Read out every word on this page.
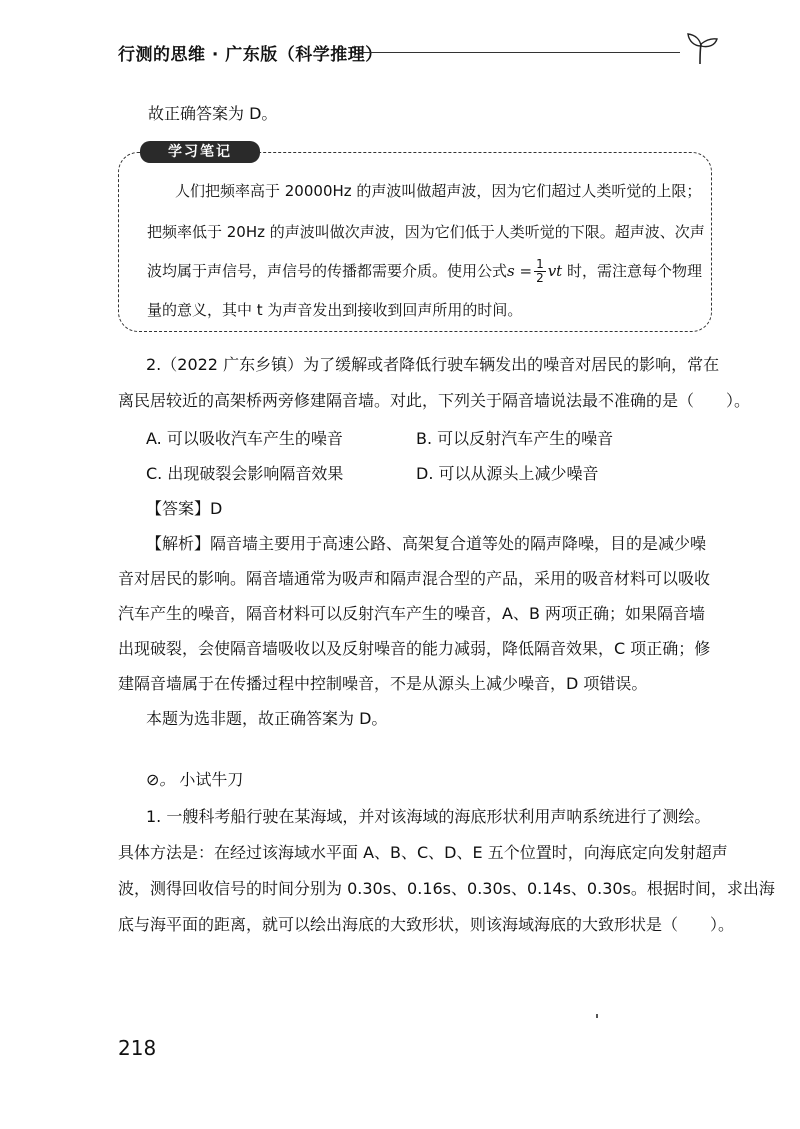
行测的思维 · 广东版（科学推理）
故正确答案为 D。
学习笔记
人们把频率高于 20000Hz 的声波叫做超声波，因为它们超过人类听觉的上限；
把频率低于 20Hz 的声波叫做次声波，因为它们低于人类听觉的下限。超声波、次声
波均属于声信号，声信号的传播都需要介质。使用公式$s = \frac{1}{2}$ vt 时，需注意每个物理
量的意义，其中 t 为声音发出到接收到回声所用的时间。
2.（2022 广东乡镇）为了缓解或者降低行驶车辆发出的噪音对居民的影响，常在
离民居较近的高架桥两旁修建隔音墙。对此，下列关于隔音墙说法最不准确的是（　　）。
A. 可以吸收汽车产生的噪音	B. 可以反射汽车产生的噪音
C. 出现破裂会影响隔音效果	D. 可以从源头上减少噪音
【答案】D
【解析】隔音墙主要用于高速公路、高架复合道等处的隔声降噪，目的是减少噪
音对居民的影响。隔音墙通常为吸声和隔声混合型的产品，采用的吸音材料可以吸收
汽车产生的噪音，隔音材料可以反射汽车产生的噪音，A、B 两项正确；如果隔音墙
出现破裂，会使隔音墙吸收以及反射噪音的能力减弱，降低隔音效果，C 项正确；修
建隔音墙属于在传播过程中控制噪音，不是从源头上减少噪音，D 项错误。
本题为选非题，故正确答案为 D。
⊘。 小试牛刀
1. 一艘科考船行驶在某海域，并对该海域的海底形状利用声呐系统进行了测绘。
具体方法是：在经过该海域水平面 A、B、C、D、E 五个位置时，向海底定向发射超声
波，测得回收信号的时间分别为 0.30s、0.16s、0.30s、0.14s、0.30s。根据时间，求出海
底与海平面的距离，就可以绘出海底的大致形状，则该海域海底的大致形状是（　　）。
218
